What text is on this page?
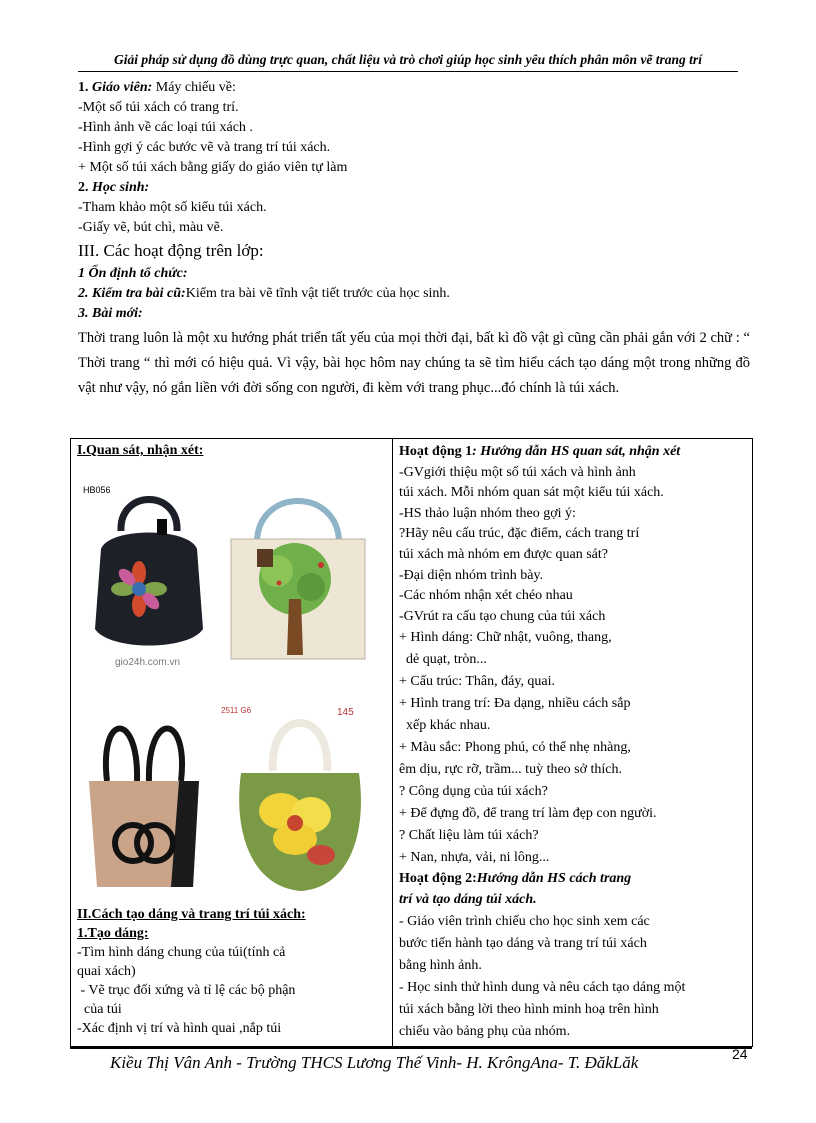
Giải pháp sử dụng đồ dùng trực quan, chất liệu và trò chơi giúp học sinh yêu thích phân môn vẽ trang trí
1. Giáo viên: Máy chiếu về:
-Một số túi xách có trang trí.
-Hình ảnh về các loại túi xách .
-Hình gợi ý các bước vẽ và trang trí túi xách.
+ Một số túi xách bằng giấy do giáo viên tự làm
2. Học sinh:
-Tham khảo một số kiểu túi xách.
-Giấy vẽ, bút chì, màu vẽ.
III. Các hoạt động trên lớp:
1 Ổn định tổ chức:
2. Kiểm tra bài cũ:Kiểm tra bài vẽ tĩnh vật tiết trước của học sinh.
3. Bài mới:
Thời trang luôn là một xu hướng phát triển tất yếu của mọi thời đại, bất kì đồ vật gì cũng cần phải gắn với 2 chữ : “ Thời trang “ thì mới có hiệu quả. Vì vậy, bài học hôm nay chúng ta sẽ tìm hiểu cách tạo dáng một trong những đồ vật như vậy, nó gắn liền với đời sống con người, đi kèm với trang phục...đó chính là túi xách.
I.Quan sát, nhận xét:
HB056
gio24h.com.vn
2511 G6	145
II.Cách tạo dáng và trang trí túi xách:
1.Tạo dáng:
-Tìm hình dáng chung của túi(tính cả
quai xách)
- Vẽ trục đối xứng và tỉ lệ các bộ phận
của túi
-Xác định vị trí và hình quai ,nắp túi

Hoạt động 1: Hướng dẫn HS quan sát, nhận xét
-GVgiới thiệu một số túi xách và hình ảnh
túi xách. Mỗi nhóm quan sát một kiểu túi xách.
-HS thảo luận nhóm theo gợi ý:
?Hãy nêu cấu trúc, đặc điểm, cách trang trí
túi xách mà nhóm em được quan sát?
-Đại diện nhóm trình bày.
-Các nhóm nhận xét chéo nhau
-GVrút ra cấu tạo chung của túi xách
+ Hình dáng: Chữ nhật, vuông, thang,
dẻ quạt, tròn...
+ Cấu trúc: Thân, đáy, quai.
+ Hình trang trí: Đa dạng, nhiều cách sắp
xếp khác nhau.
+ Màu sắc: Phong phú, có thể nhẹ nhàng,
êm dịu, rực rỡ, trầm... tuỳ theo sở thích.
? Công dụng của túi xách?
+ Để đựng đồ, để trang trí làm đẹp con người.
? Chất liệu làm túi xách?
+ Nan, nhựa, vải, ni lông...
Hoạt động 2:Hướng dẫn HS cách trang
trí và tạo dáng túi xách.
- Giáo viên trình chiếu cho học sinh xem các
bước tiến hành tạo dáng và trang trí túi xách
bằng hình ảnh.
- Học sinh thử hình dung và nêu cách tạo dáng một
túi xách bằng lời theo hình minh hoạ trên hình
chiếu vào bảng phụ của nhóm.
24
Kiều Thị Vân Anh - Trường THCS Lương Thế Vinh- H. KrôngAna- T. ĐăkLăk
